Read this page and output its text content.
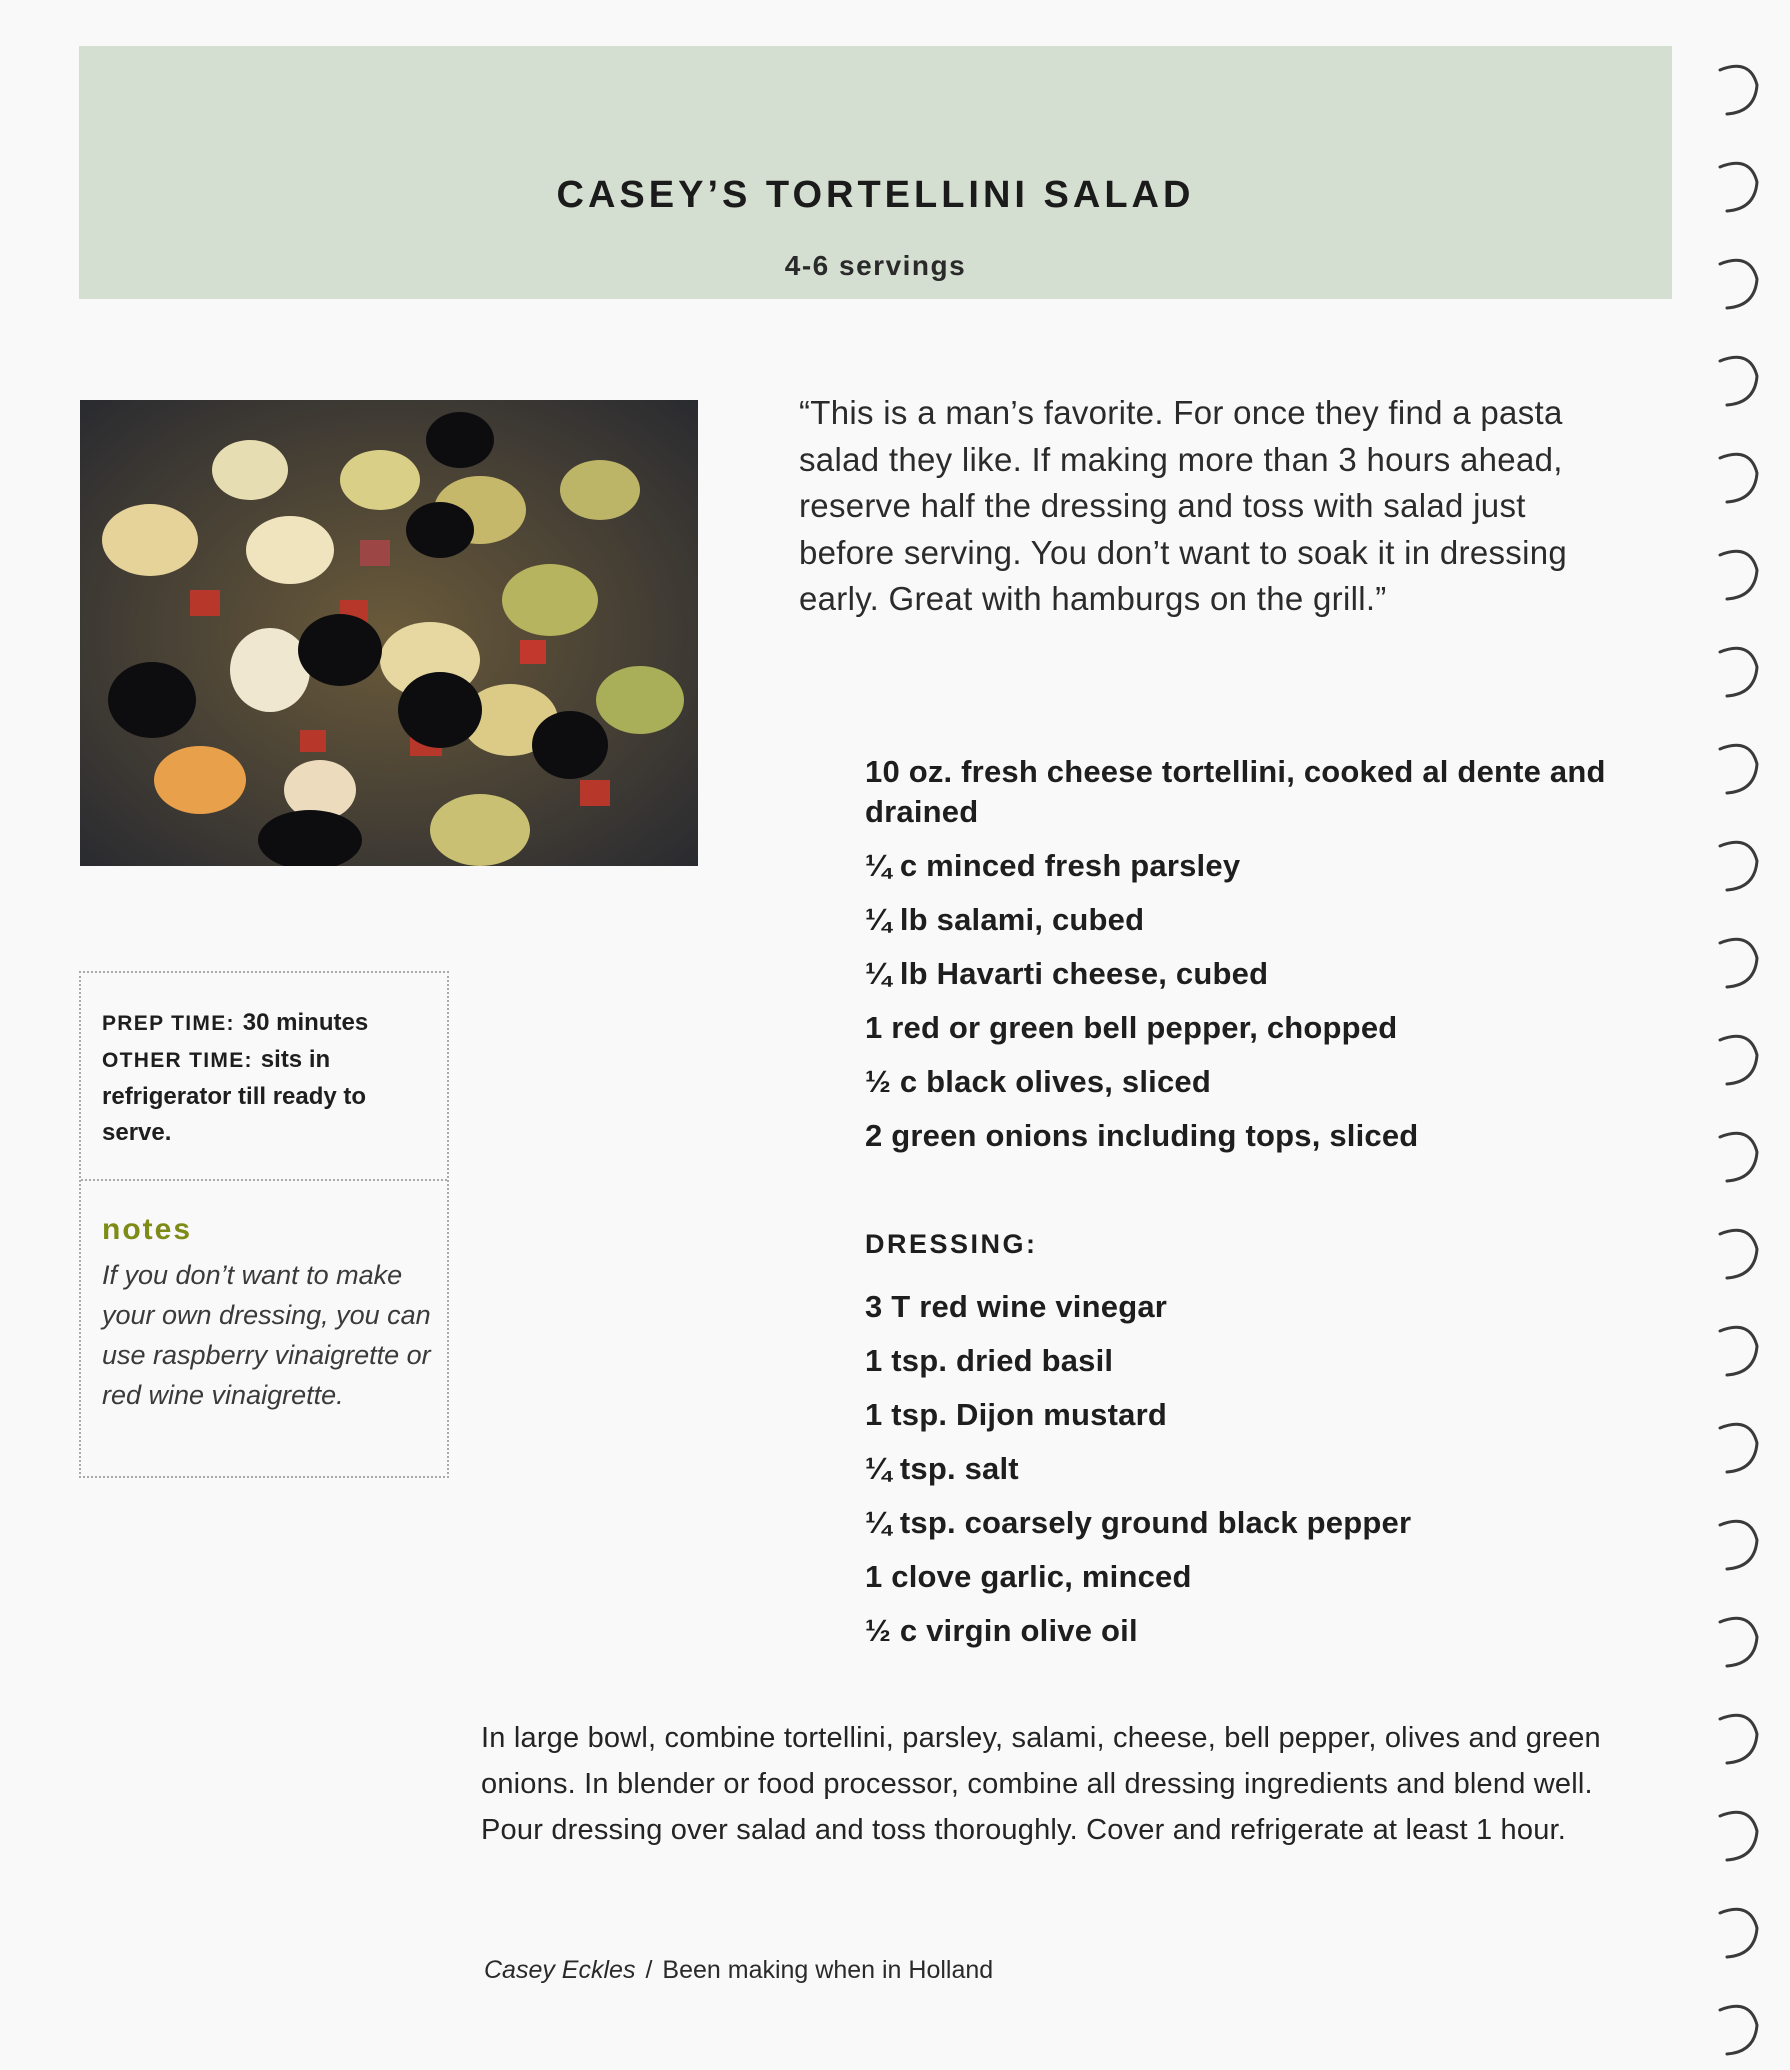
CASEY’S TORTELLINI SALAD
4-6 servings
“This is a man’s favorite. For once they find a pasta salad they like. If making more than 3 hours ahead, reserve half the dressing and toss with salad just before serving. You don’t want to soak it in dressing early. Great with hamburgs on the grill.”
10 oz. fresh cheese tortellini, cooked al dente and drained
¼ c minced fresh parsley
¼ lb salami, cubed
¼ lb Havarti cheese, cubed
1 red or green bell pepper, chopped
½ c black olives, sliced
2 green onions including tops, sliced
DRESSING:
3 T red wine vinegar
1 tsp. dried basil
1 tsp. Dijon mustard
¼ tsp. salt
¼ tsp. coarsely ground black pepper
1 clove garlic, minced
½ c virgin olive oil
PREP TIME: 30 minutes
OTHER TIME: sits in refrigerator till ready to serve.
notes
If you don’t want to make your own dressing, you can use raspberry vinaigrette or red wine vinaigrette.
In large bowl, combine tortellini, parsley, salami, cheese, bell pepper, olives and green onions. In blender or food processor, combine all dressing ingredients and blend well. Pour dressing over salad and toss thoroughly. Cover and refrigerate at least 1 hour.
Casey Eckles / Been making when in Holland
